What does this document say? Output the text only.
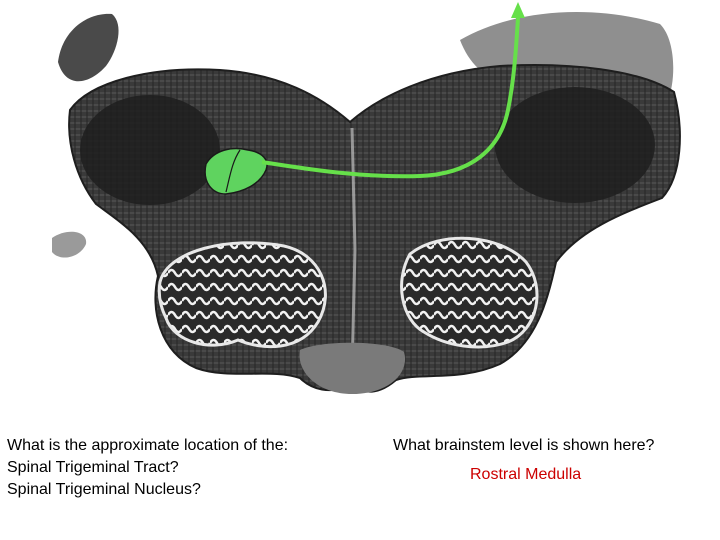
What is the approximate location of the:
Spinal Trigeminal Tract?
Spinal Trigeminal Nucleus?
What brainstem level is shown here?
Rostral Medulla
